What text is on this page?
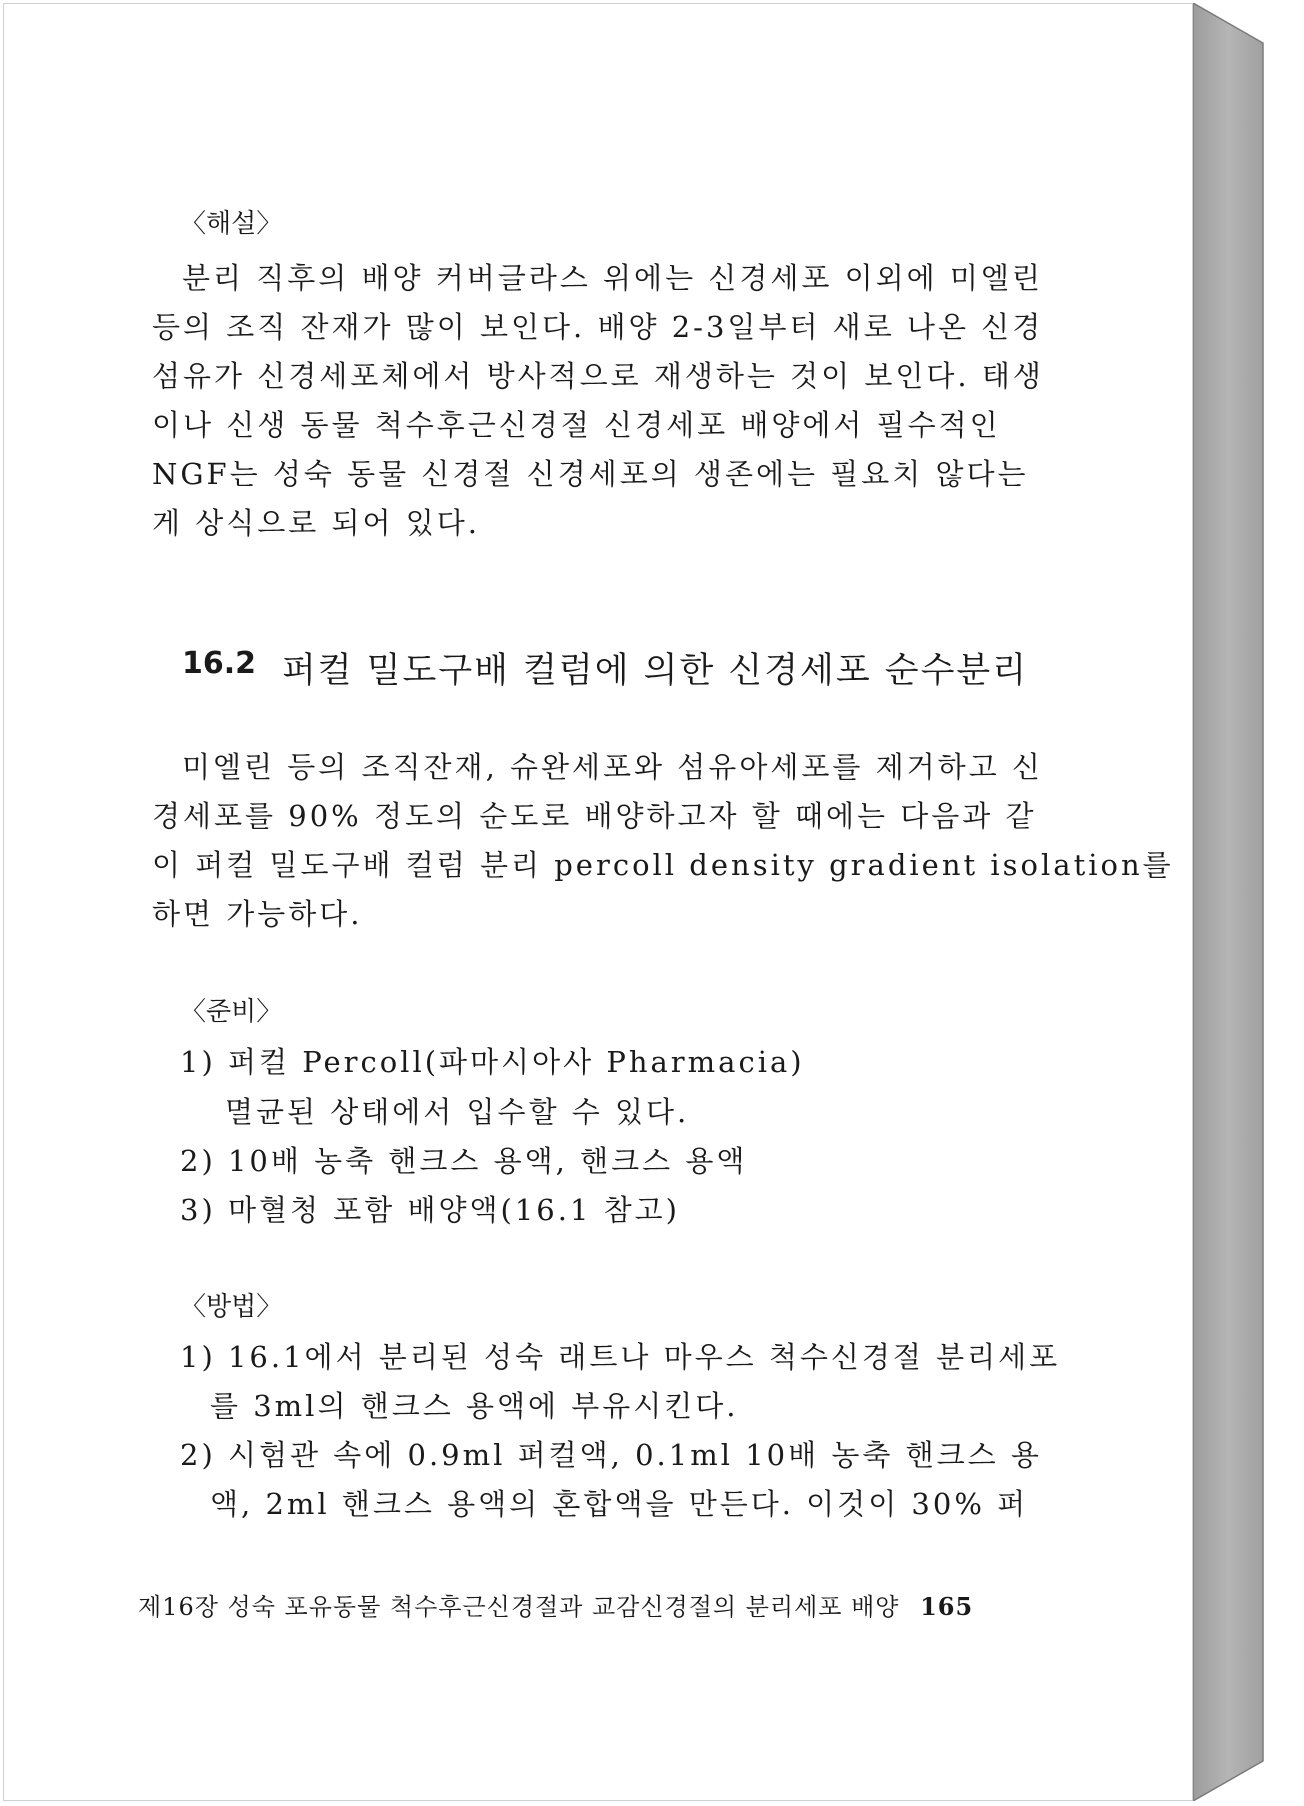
〈해설〉
분리 직후의 배양 커버글라스 위에는 신경세포 이외에 미엘린
등의 조직 잔재가 많이 보인다. 배양 2-3일부터 새로 나온 신경
섬유가 신경세포체에서 방사적으로 재생하는 것이 보인다. 태생
이나 신생 동물 척수후근신경절 신경세포 배양에서 필수적인
NGF는 성숙 동물 신경절 신경세포의 생존에는 필요치 않다는
게 상식으로 되어 있다.
16.2 퍼컬 밀도구배 컬럼에 의한 신경세포 순수분리
미엘린 등의 조직잔재, 슈완세포와 섬유아세포를 제거하고 신
경세포를 90% 정도의 순도로 배양하고자 할 때에는 다음과 같
이 퍼컬 밀도구배 컬럼 분리 percoll density gradient isolation를
하면 가능하다.
〈준비〉
1) 퍼컬 Percoll(파마시아사 Pharmacia)
멸균된 상태에서 입수할 수 있다.
2) 10배 농축 핸크스 용액, 핸크스 용액
3) 마혈청 포함 배양액(16.1 참고)
〈방법〉
1) 16.1에서 분리된 성숙 래트나 마우스 척수신경절 분리세포
를 3ml의 핸크스 용액에 부유시킨다.
2) 시험관 속에 0.9ml 퍼컬액, 0.1ml 10배 농축 핸크스 용
액, 2ml 핸크스 용액의 혼합액을 만든다. 이것이 30% 퍼
제16장 성숙 포유동물 척수후근신경절과 교감신경절의 분리세포 배양 165
